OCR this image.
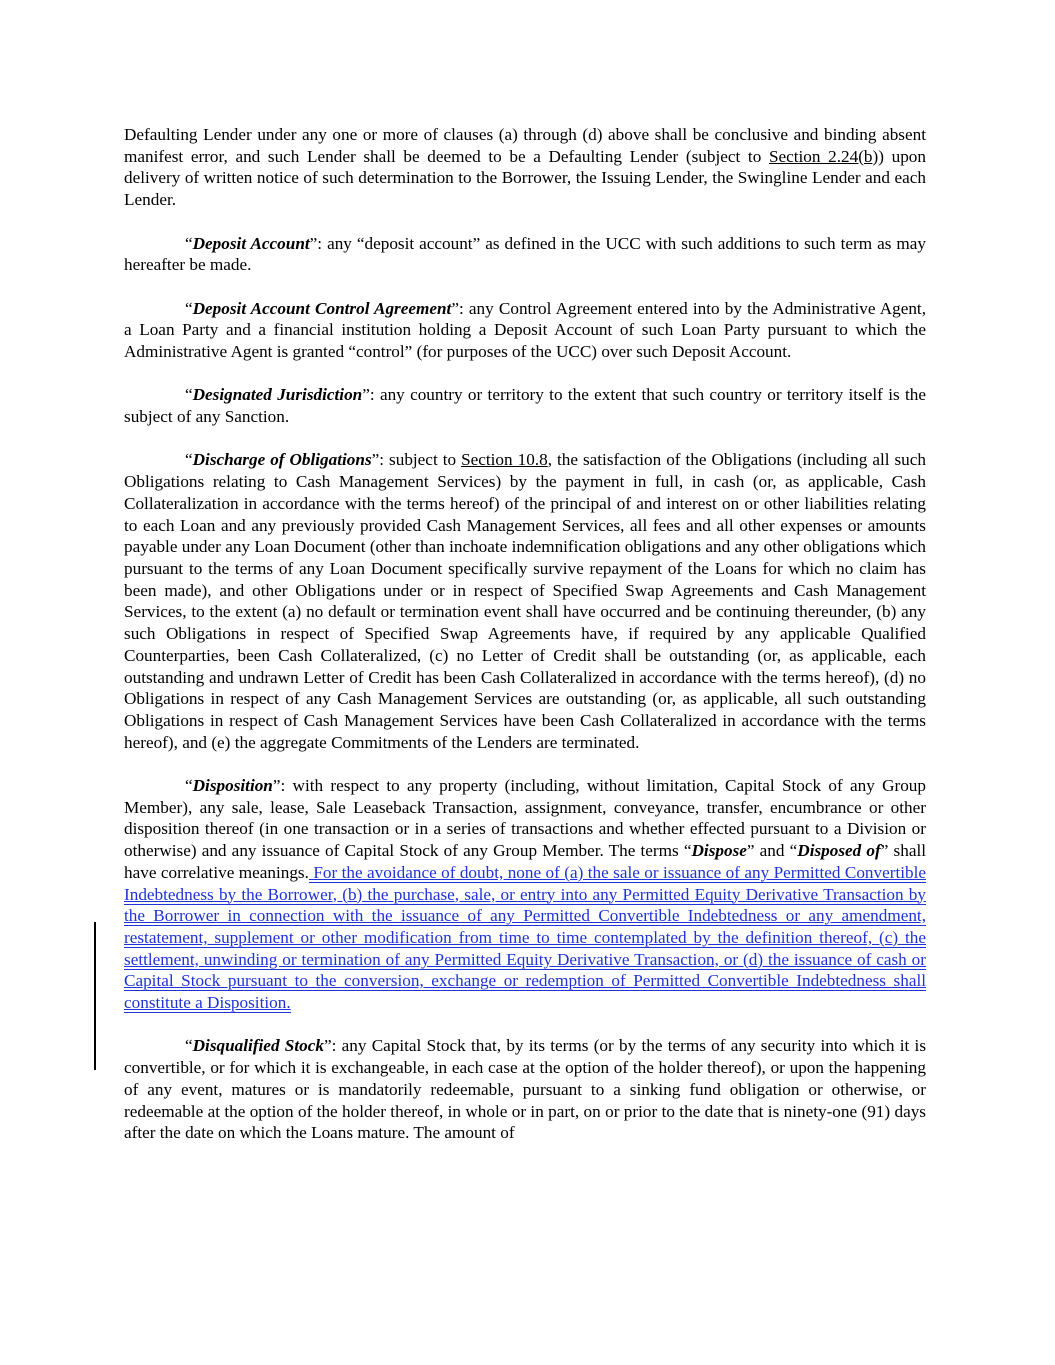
Defaulting Lender under any one or more of clauses (a) through (d) above shall be conclusive and binding absent manifest error, and such Lender shall be deemed to be a Defaulting Lender (subject to Section 2.24(b)) upon delivery of written notice of such determination to the Borrower, the Issuing Lender, the Swingline Lender and each Lender.

“Deposit Account”: any “deposit account” as defined in the UCC with such additions to such term as may hereafter be made.

“Deposit Account Control Agreement”: any Control Agreement entered into by the Administrative Agent, a Loan Party and a financial institution holding a Deposit Account of such Loan Party pursuant to which the Administrative Agent is granted “control” (for purposes of the UCC) over such Deposit Account.

“Designated Jurisdiction”: any country or territory to the extent that such country or territory itself is the subject of any Sanction.

“Discharge of Obligations”: subject to Section 10.8, the satisfaction of the Obligations (including all such Obligations relating to Cash Management Services) by the payment in full, in cash (or, as applicable, Cash Collateralization in accordance with the terms hereof) of the principal of and interest on or other liabilities relating to each Loan and any previously provided Cash Management Services, all fees and all other expenses or amounts payable under any Loan Document (other than inchoate indemnification obligations and any other obligations which pursuant to the terms of any Loan Document specifically survive repayment of the Loans for which no claim has been made), and other Obligations under or in respect of Specified Swap Agreements and Cash Management Services, to the extent (a) no default or termination event shall have occurred and be continuing thereunder, (b) any such Obligations in respect of Specified Swap Agreements have, if required by any applicable Qualified Counterparties, been Cash Collateralized, (c) no Letter of Credit shall be outstanding (or, as applicable, each outstanding and undrawn Letter of Credit has been Cash Collateralized in accordance with the terms hereof), (d) no Obligations in respect of any Cash Management Services are outstanding (or, as applicable, all such outstanding Obligations in respect of Cash Management Services have been Cash Collateralized in accordance with the terms hereof), and (e) the aggregate Commitments of the Lenders are terminated.

“Disposition”: with respect to any property (including, without limitation, Capital Stock of any Group Member), any sale, lease, Sale Leaseback Transaction, assignment, conveyance, transfer, encumbrance or other disposition thereof (in one transaction or in a series of transactions and whether effected pursuant to a Division or otherwise) and any issuance of Capital Stock of any Group Member. The terms “Dispose” and “Disposed of” shall have correlative meanings. For the avoidance of doubt, none of (a) the sale or issuance of any Permitted Convertible Indebtedness by the Borrower, (b) the purchase, sale, or entry into any Permitted Equity Derivative Transaction by the Borrower in connection with the issuance of any Permitted Convertible Indebtedness or any amendment, restatement, supplement or other modification from time to time contemplated by the definition thereof, (c) the settlement, unwinding or termination of any Permitted Equity Derivative Transaction, or (d) the issuance of cash or Capital Stock pursuant to the conversion, exchange or redemption of Permitted Convertible Indebtedness shall constitute a Disposition.

“Disqualified Stock”: any Capital Stock that, by its terms (or by the terms of any security into which it is convertible, or for which it is exchangeable, in each case at the option of the holder thereof), or upon the happening of any event, matures or is mandatorily redeemable, pursuant to a sinking fund obligation or otherwise, or redeemable at the option of the holder thereof, in whole or in part, on or prior to the date that is ninety-one (91) days after the date on which the Loans mature. The amount of
